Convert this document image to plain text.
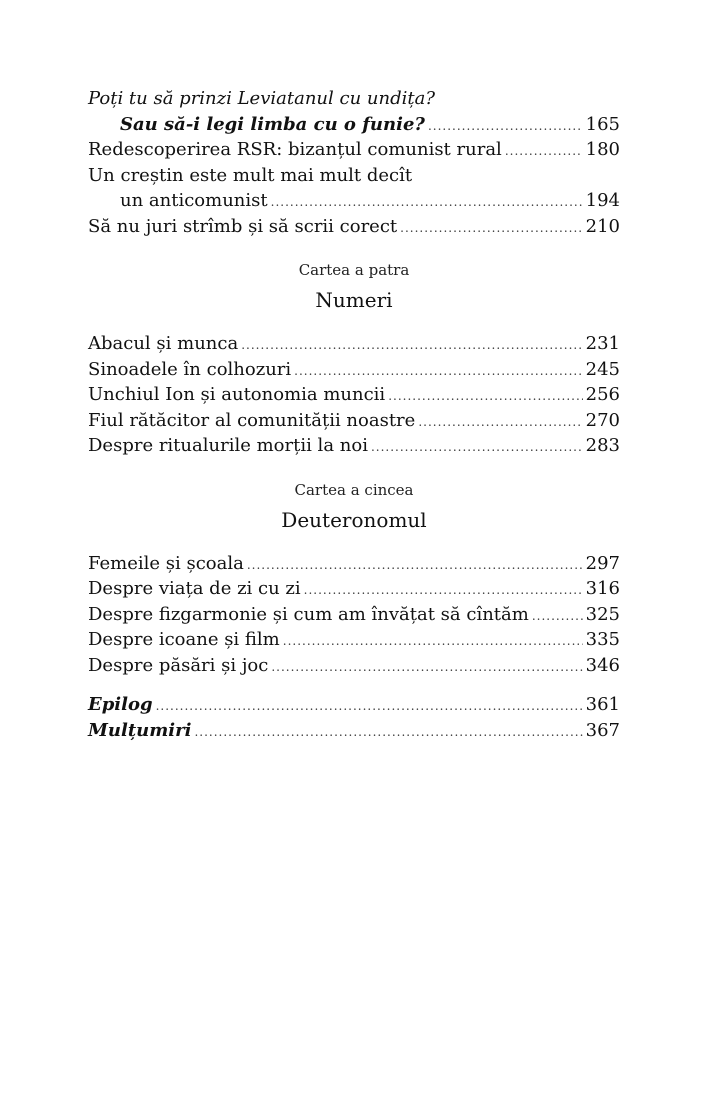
Poți tu să prinzi Leviatanul cu undița?
Sau să-i legi limba cu o funie? .....	165
Redescoperirea RSR: bizanțul comunist rural .....	180
Un creștin este mult mai mult decît
un anticomunist .....	194
Să nu juri strîmb și să scrii corect .....	210
Cartea a patra
Numeri
Abacul și munca .....	231
Sinoadele în colhozuri .....	245
Unchiul Ion și autonomia muncii .....	256
Fiul rătăcitor al comunității noastre .....	270
Despre ritualurile morții la noi .....	283
Cartea a cincea
Deuteronomul
Femeile și școala .....	297
Despre viața de zi cu zi .....	316
Despre fizgarmonie și cum am învățat să cîntăm .....	325
Despre icoane și film .....	335
Despre păsări și joc .....	346
Epilog .....	361
Mulțumiri .....	367
